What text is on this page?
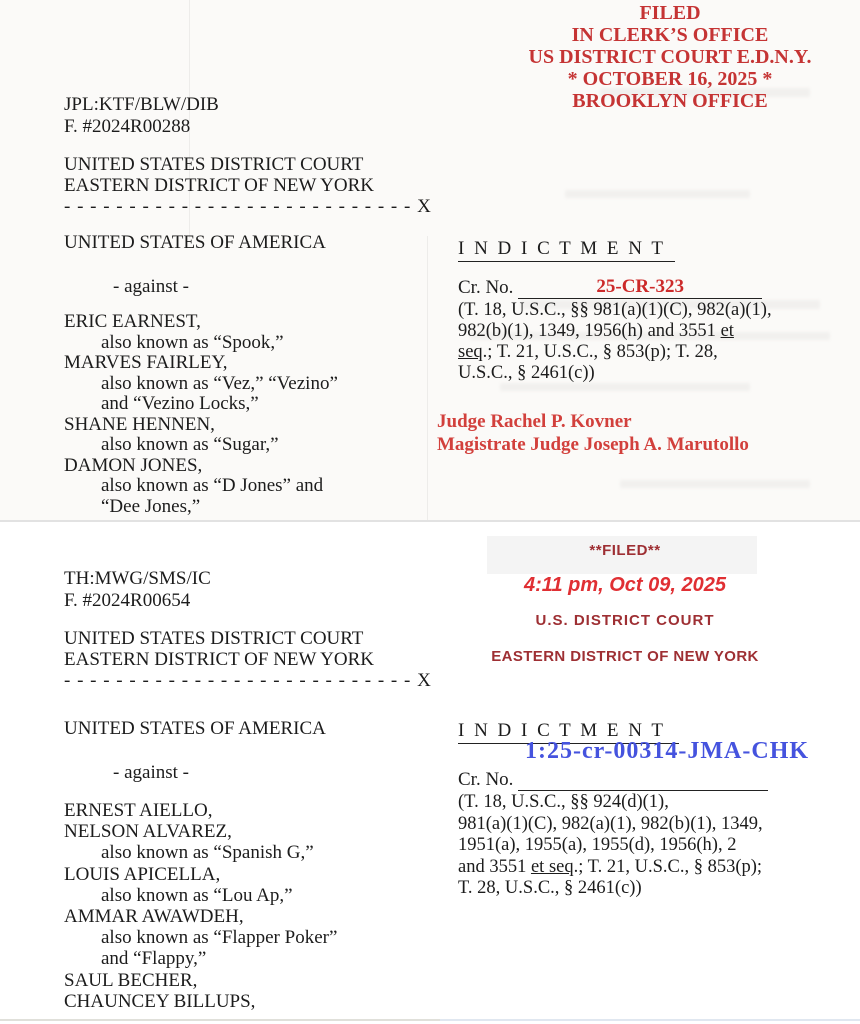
FILED
IN CLERK’S OFFICE
US DISTRICT COURT E.D.N.Y.
* OCTOBER 16, 2025 *
BROOKLYN OFFICE
JPL:KTF/BLW/DIB
F. #2024R00288
UNITED STATES DISTRICT COURT
EASTERN DISTRICT OF NEW YORK
- - - - - - - - - - - - - - - - - - - - - - - - - - - X
UNITED STATES OF AMERICA
- against -
ERIC EARNEST,
also known as “Spook,”
MARVES FAIRLEY,
also known as “Vez,” “Vezino”
and “Vezino Locks,”
SHANE HENNEN,
also known as “Sugar,”
DAMON JONES,
also known as “D Jones” and
“Dee Jones,”
I N D I C T M E N T
Cr. No.	25-CR-323
(T. 18, U.S.C., §§ 981(a)(1)(C), 982(a)(1),
982(b)(1), 1349, 1956(h) and 3551 et
seq.; T. 21, U.S.C., § 853(p); T. 28,
U.S.C., § 2461(c))
Judge Rachel P. Kovner
Magistrate Judge Joseph A. Marutollo
**FILED**
4:11 pm, Oct 09, 2025
U.S. DISTRICT COURT
EASTERN DISTRICT OF NEW YORK
TH:MWG/SMS/IC
F. #2024R00654
UNITED STATES DISTRICT COURT
EASTERN DISTRICT OF NEW YORK
- - - - - - - - - - - - - - - - - - - - - - - - - - - X
UNITED STATES OF AMERICA
- against -
ERNEST AIELLO,
NELSON ALVAREZ,
also known as “Spanish G,”
LOUIS APICELLA,
also known as “Lou Ap,”
AMMAR AWAWDEH,
also known as “Flapper Poker”
and “Flappy,”
SAUL BECHER,
CHAUNCEY BILLUPS,
I N D I C T M E N T
1:25-cr-00314-JMA-CHK
Cr. No.
(T. 18, U.S.C., §§ 924(d)(1),
981(a)(1)(C), 982(a)(1), 982(b)(1), 1349,
1951(a), 1955(a), 1955(d), 1956(h), 2
and 3551 et seq.; T. 21, U.S.C., § 853(p);
T. 28, U.S.C., § 2461(c))
